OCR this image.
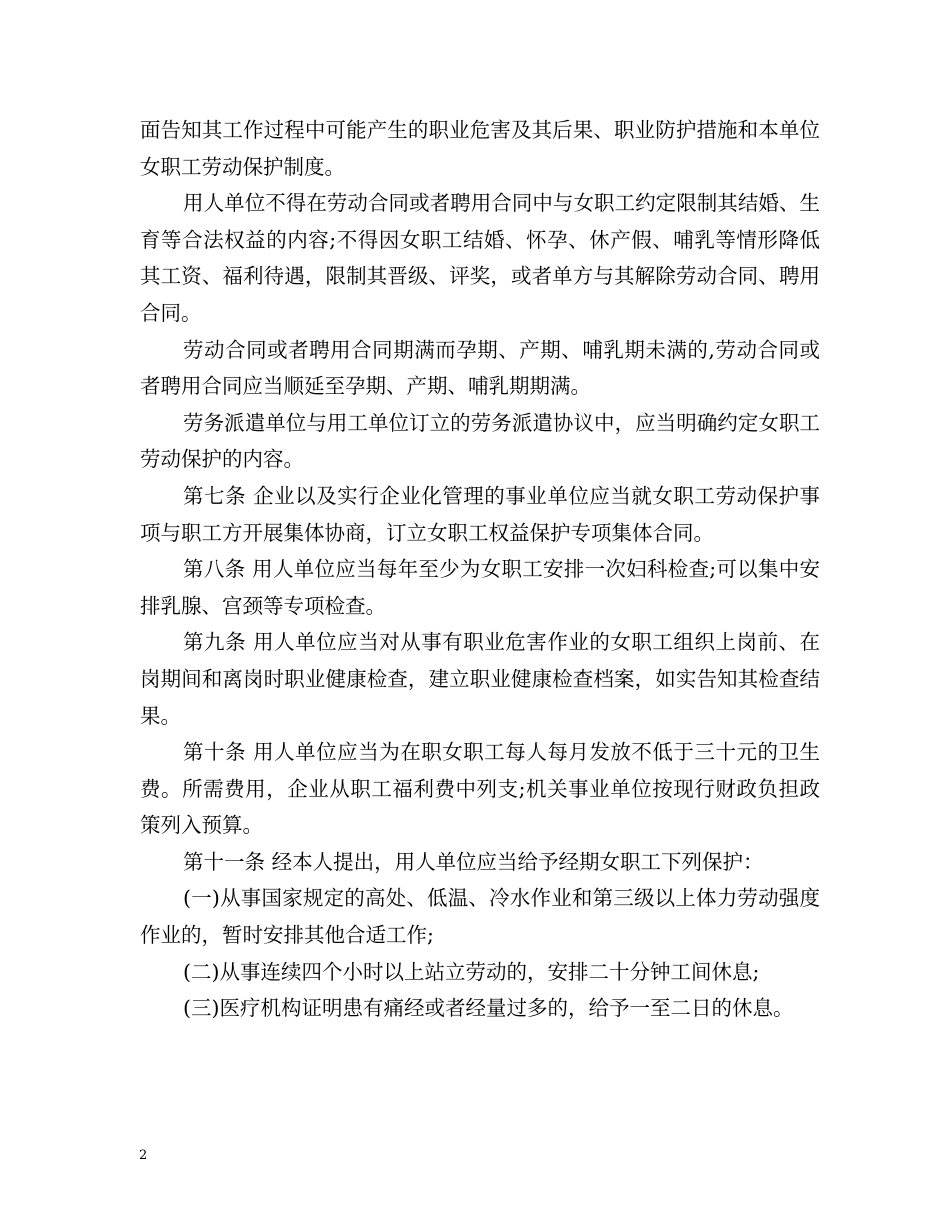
面告知其工作过程中可能产生的职业危害及其后果、职业防护措施和本单位女职工劳动保护制度。

用人单位不得在劳动合同或者聘用合同中与女职工约定限制其结婚、生育等合法权益的内容;不得因女职工结婚、怀孕、休产假、哺乳等情形降低其工资、福利待遇，限制其晋级、评奖，或者单方与其解除劳动合同、聘用合同。

劳动合同或者聘用合同期满而孕期、产期、哺乳期未满的,劳动合同或者聘用合同应当顺延至孕期、产期、哺乳期期满。

劳务派遣单位与用工单位订立的劳务派遣协议中，应当明确约定女职工劳动保护的内容。

第七条 企业以及实行企业化管理的事业单位应当就女职工劳动保护事项与职工方开展集体协商，订立女职工权益保护专项集体合同。

第八条 用人单位应当每年至少为女职工安排一次妇科检查;可以集中安排乳腺、宫颈等专项检查。

第九条 用人单位应当对从事有职业危害作业的女职工组织上岗前、在岗期间和离岗时职业健康检查，建立职业健康检查档案，如实告知其检查结果。

第十条 用人单位应当为在职女职工每人每月发放不低于三十元的卫生费。所需费用，企业从职工福利费中列支;机关事业单位按现行财政负担政策列入预算。

第十一条 经本人提出，用人单位应当给予经期女职工下列保护：

(一)从事国家规定的高处、低温、冷水作业和第三级以上体力劳动强度作业的，暂时安排其他合适工作;

(二)从事连续四个小时以上站立劳动的，安排二十分钟工间休息;

(三)医疗机构证明患有痛经或者经量过多的，给予一至二日的休息。

2
